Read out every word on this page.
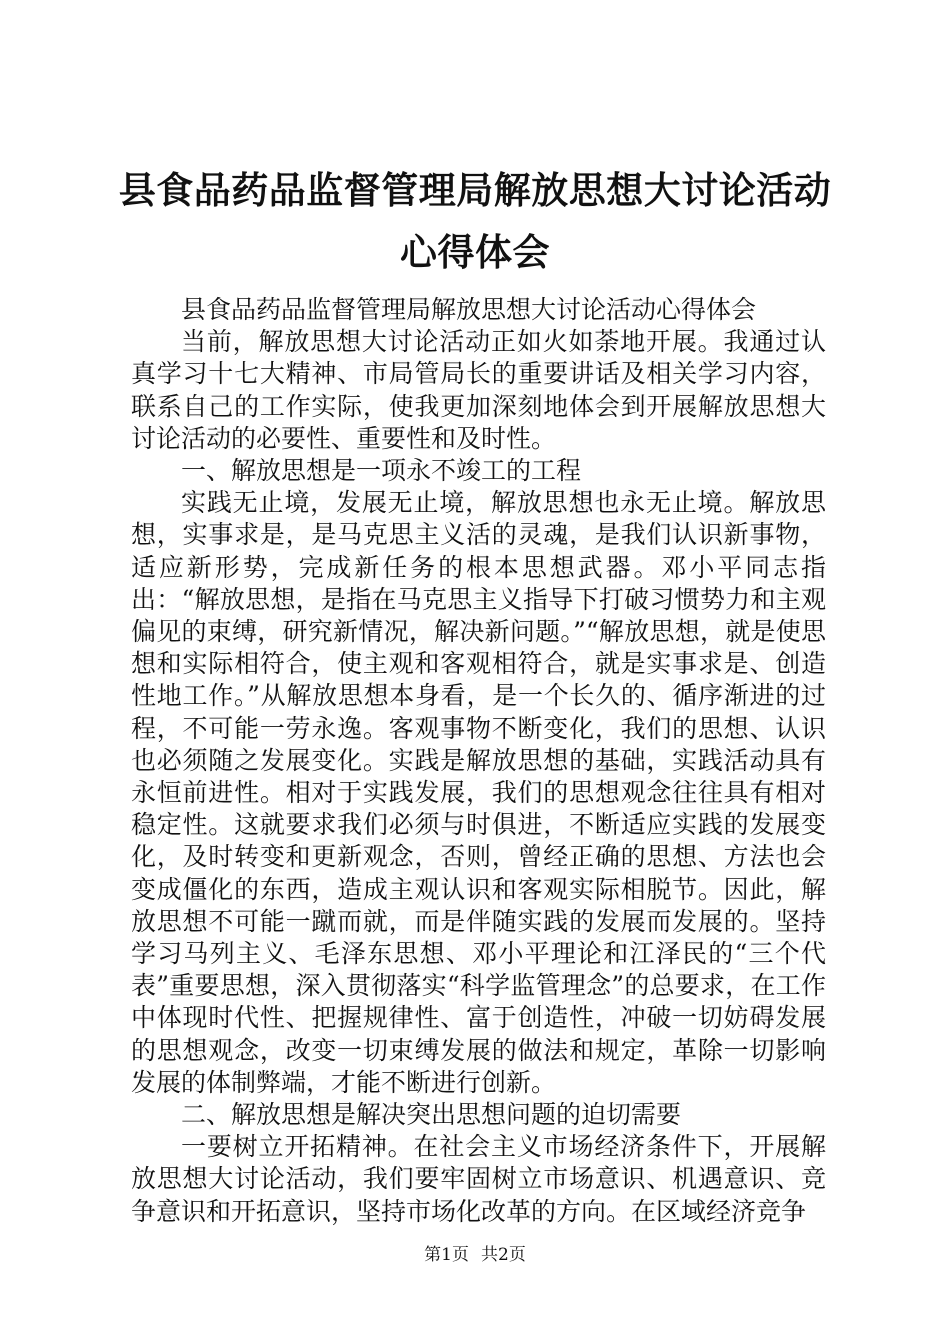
县食品药品监督管理局解放思想大讨论活动心得体会

县食品药品监督管理局解放思想大讨论活动心得体会

当前，解放思想大讨论活动正如火如荼地开展。我通过认真学习十七大精神、市局管局长的重要讲话及相关学习内容，联系自己的工作实际，使我更加深刻地体会到开展解放思想大讨论活动的必要性、重要性和及时性。

一、解放思想是一项永不竣工的工程

实践无止境，发展无止境，解放思想也永无止境。解放思想，实事求是，是马克思主义活的灵魂，是我们认识新事物，适应新形势，完成新任务的根本思想武器。邓小平同志指出：“解放思想，是指在马克思主义指导下打破习惯势力和主观偏见的束缚，研究新情况，解决新问题。”“解放思想，就是使思想和实际相符合，使主观和客观相符合，就是实事求是、创造性地工作。”从解放思想本身看，是一个长久的、循序渐进的过程，不可能一劳永逸。客观事物不断变化，我们的思想、认识也必须随之发展变化。实践是解放思想的基础，实践活动具有永恒前进性。相对于实践发展，我们的思想观念往往具有相对稳定性。这就要求我们必须与时俱进，不断适应实践的发展变化，及时转变和更新观念，否则，曾经正确的思想、方法也会变成僵化的东西，造成主观认识和客观实际相脱节。因此，解放思想不可能一蹴而就，而是伴随实践的发展而发展的。坚持学习马列主义、毛泽东思想、邓小平理论和江泽民的“三个代表”重要思想，深入贯彻落实“科学监管理念”的总要求，在工作中体现时代性、把握规律性、富于创造性，冲破一切妨碍发展的思想观念，改变一切束缚发展的做法和规定，革除一切影响发展的体制弊端，才能不断进行创新。

二、解放思想是解决突出思想问题的迫切需要

一要树立开拓精神。在社会主义市场经济条件下，开展解放思想大讨论活动，我们要牢固树立市场意识、机遇意识、竞争意识和开拓意识，坚持市场化改革的方向。在区域经济竞争

第1页 共2页
